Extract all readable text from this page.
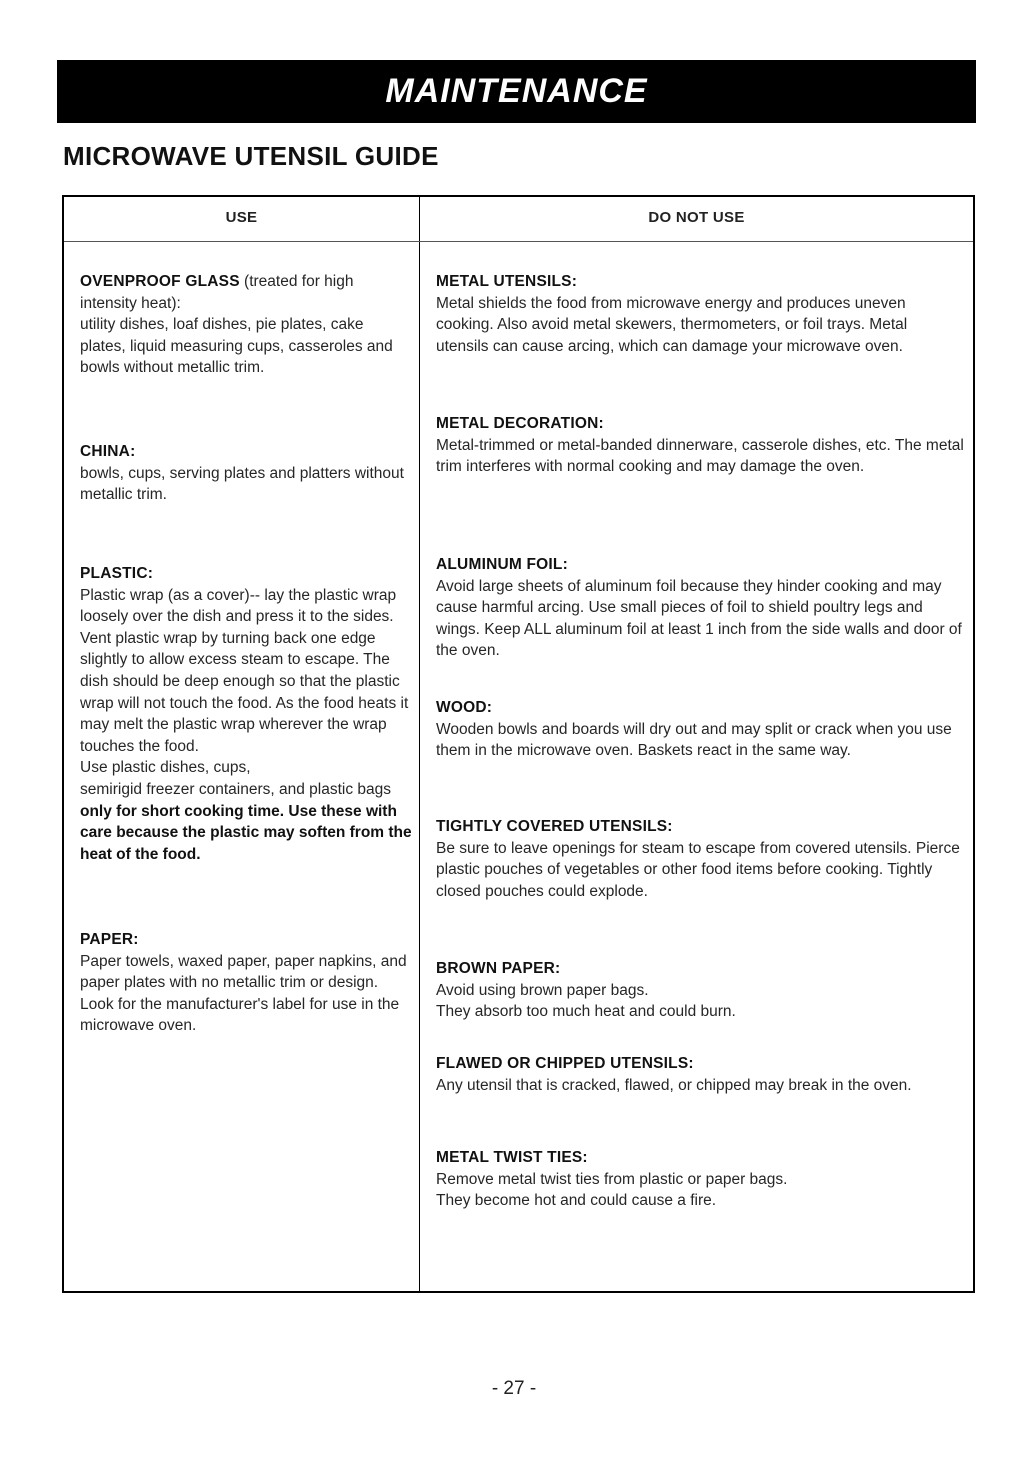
MAINTENANCE
MICROWAVE UTENSIL GUIDE
USE	DO NOT USE

OVENPROOF GLASS (treated for high intensity heat):

utility dishes, loaf dishes, pie plates, cake plates, liquid measuring cups, casseroles and bowls without metallic trim.

CHINA:

bowls, cups, serving plates and platters without metallic trim.

PLASTIC:

Plastic wrap (as a cover)-- lay the plastic wrap loosely over the dish and press it to the sides.

Vent plastic wrap by turning back one edge slightly to allow excess steam to escape. The dish should be deep enough so that the plastic wrap will not touch the food. As the food heats it may melt the plastic wrap wherever the wrap touches the food.

Use plastic dishes, cups,

semirigid freezer containers, and plastic bags only for short cooking time. Use these with care because the plastic may soften from the heat of the food.

PAPER:

Paper towels, waxed paper, paper napkins, and paper plates with no metallic trim or design. Look for the manufacturer's label for use in the microwave oven.

METAL UTENSILS:

Metal shields the food from microwave energy and produces uneven cooking. Also avoid metal skewers, thermometers, or foil trays. Metal utensils can cause arcing, which can damage your microwave oven.

METAL DECORATION:

Metal-trimmed or metal-banded dinnerware, casserole dishes, etc. The metal trim interferes with normal cooking and may damage the oven.

ALUMINUM FOIL:

Avoid large sheets of aluminum foil because they hinder cooking and may cause harmful arcing. Use small pieces of foil to shield poultry legs and wings. Keep ALL aluminum foil at least 1 inch from the side walls and door of the oven.

WOOD:

Wooden bowls and boards will dry out and may split or crack when you use them in the microwave oven. Baskets react in the same way.

TIGHTLY COVERED UTENSILS:

Be sure to leave openings for steam to escape from covered utensils. Pierce plastic pouches of vegetables or other food items before cooking. Tightly closed pouches could explode.

BROWN PAPER:

Avoid using brown paper bags.

They absorb too much heat and could burn.

FLAWED OR CHIPPED UTENSILS:

Any utensil that is cracked, flawed, or chipped may break in the oven.

METAL TWIST TIES:

Remove metal twist ties from plastic or paper bags.

They become hot and could cause a fire.

- 27 -
